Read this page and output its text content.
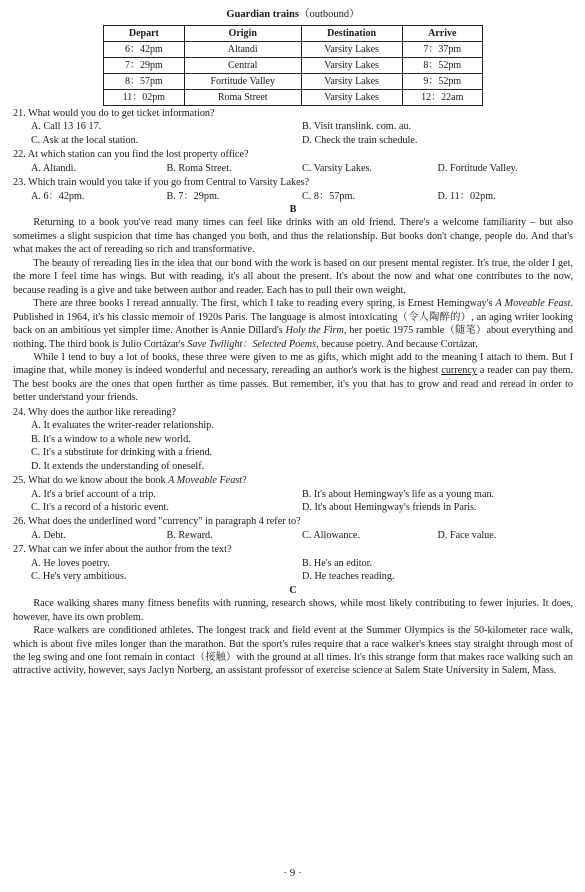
Guardian trains（outbound）
Depart	Origin	Destination	Arrive
6：42pm	Altandi	Varsity Lakes	7：37pm
7：29pm	Central	Varsity Lakes	8：52pm
8：57pm	Fortitude Valley	Varsity Lakes	9：52pm
11：02pm	Roma Street	Varsity Lakes	12：22am
21. What would you do to get ticket information?
A. Call 13 16 17.	B. Visit translink. com. au.
C. Ask at the local station.	D. Check the train schedule.
22. At which station can you find the lost property office?
A. Altandi.	B. Roma Street.	C. Varsity Lakes.	D. Fortitude Valley.
23. Which train would you take if you go from Central to Varsity Lakes?
A. 6：42pm.	B. 7：29pm.	C. 8：57pm.	D. 11：02pm.
B

Returning to a book you've read many times can feel like drinks with an old friend. There's a welcome familiarity – but also sometimes a slight suspicion that time has changed you both, and thus the relationship. But books don't change, people do. And that's what makes the act of rereading so rich and transformative.

The beauty of rereading lies in the idea that our bond with the work is based on our present mental register. It's true, the older I get, the more I feel time has wings. But with reading, it's all about the present. It's about the now and what one contributes to the now, because reading is a give and take between author and reader. Each has to pull their own weight.

There are three books I reread annually. The first, which I take to reading every spring, is Ernest Hemingway's A Moveable Feast. Published in 1964, it's his classic memoir of 1920s Paris. The language is almost intoxicating（令人陶醉的）, an aging writer looking back on an ambitious yet simpler time. Another is Annie Dillard's Holy the Firm, her poetic 1975 ramble（随笔）about everything and nothing. The third book is Julio Cortázar's Save Twilight：Selected Poems, because poetry. And because Cortázar.

While I tend to buy a lot of books, these three were given to me as gifts, which might add to the meaning I attach to them. But I imagine that, while money is indeed wonderful and necessary, rereading an author's work is the highest currency a reader can pay them. The best books are the ones that open further as time passes. But remember, it's you that has to grow and read and reread in order to better understand your friends.

24. Why does the author like rereading?
A. It evaluates the writer-reader relationship.
B. It's a window to a whole new world.
C. It's a substitute for drinking with a friend.
D. It extends the understanding of oneself.
25. What do we know about the book A Moveable Feast?
A. It's a brief account of a trip.	B. It's about Hemingway's life as a young man.
C. It's a record of a historic event.	D. It's about Hemingway's friends in Paris.
26. What does the underlined word "currency" in paragraph 4 refer to?
A. Debt.	B. Reward.	C. Allowance.	D. Face value.
27. What can we infer about the author from the text?
A. He loves poetry.	B. He's an editor.
C. He's very ambitious.	D. He teaches reading.
C

Race walking shares many fitness benefits with running, research shows, while most likely contributing to fewer injuries. It does, however, have its own problem.

Race walkers are conditioned athletes. The longest track and field event at the Summer Olympics is the 50-kilometer race walk, which is about five miles longer than the marathon. But the sport's rules require that a race walker's knees stay straight through most of the leg swing and one foot remain in contact（接触）with the ground at all times. It's this strange form that makes race walking such an attractive activity, however, says Jaclyn Norberg, an assistant professor of exercise science at Salem State University in Salem, Mass.

· 9 ·
